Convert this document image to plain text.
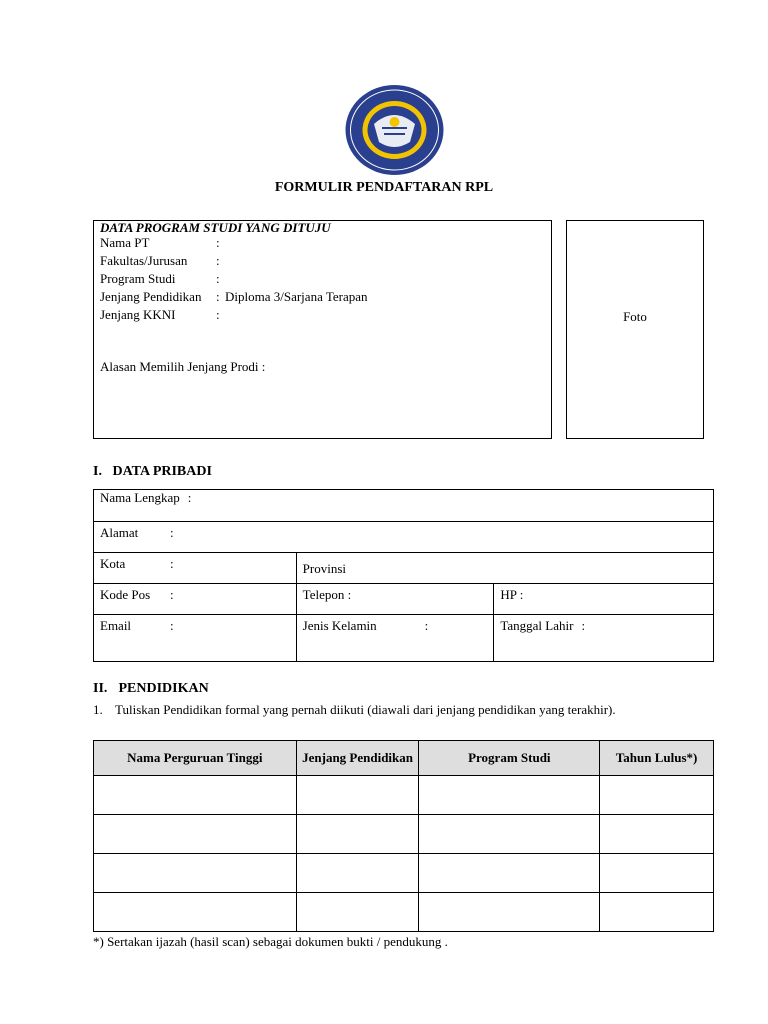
FORMULIR PENDAFTARAN RPL
DATA PROGRAM STUDI YANG DITUJU
Nama PT	:
Fakultas/Jurusan :
Program Studi	:
Jenjang Pendidikan : Diploma 3/Sarjana Terapan
Jenjang KKNI	:
Alasan Memilih Jenjang Prodi :
Foto
I. DATA PRIBADI
Nama Lengkap :		

Alamat :		

Kota :	Provinsi	

Kode Pos :	Telepon :	HP :

Email :	Jenis Kelamin :	Tanggal Lahir :
II. PENDIDIKAN
1. Tuliskan Pendidikan formal yang pernah diikuti (diawali dari jenjang pendidikan yang terakhir).
Nama Perguruan Tinggi	Jenjang Pendidikan	Program Studi	Tahun Lulus*)

*) Sertakan ijazah (hasil scan) sebagai dokumen bukti / pendukung .
